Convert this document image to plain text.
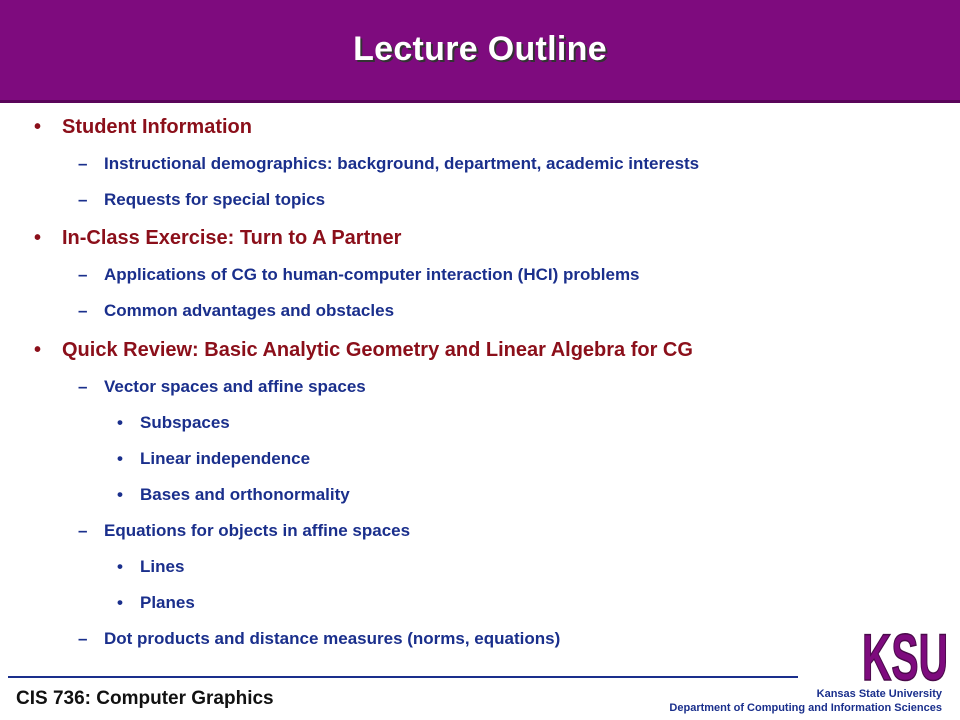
Lecture Outline
• Student Information
– Instructional demographics: background, department, academic interests
– Requests for special topics
• In-Class Exercise: Turn to A Partner
– Applications of CG to human-computer interaction (HCI) problems
– Common advantages and obstacles
• Quick Review: Basic Analytic Geometry and Linear Algebra for CG
– Vector spaces and affine spaces
• Subspaces
• Linear independence
• Bases and orthonormality
– Equations for objects in affine spaces
• Lines
• Planes
– Dot products and distance measures (norms, equations)
CIS 736: Computer Graphics
KSU
Kansas State University
Department of Computing and Information Sciences
